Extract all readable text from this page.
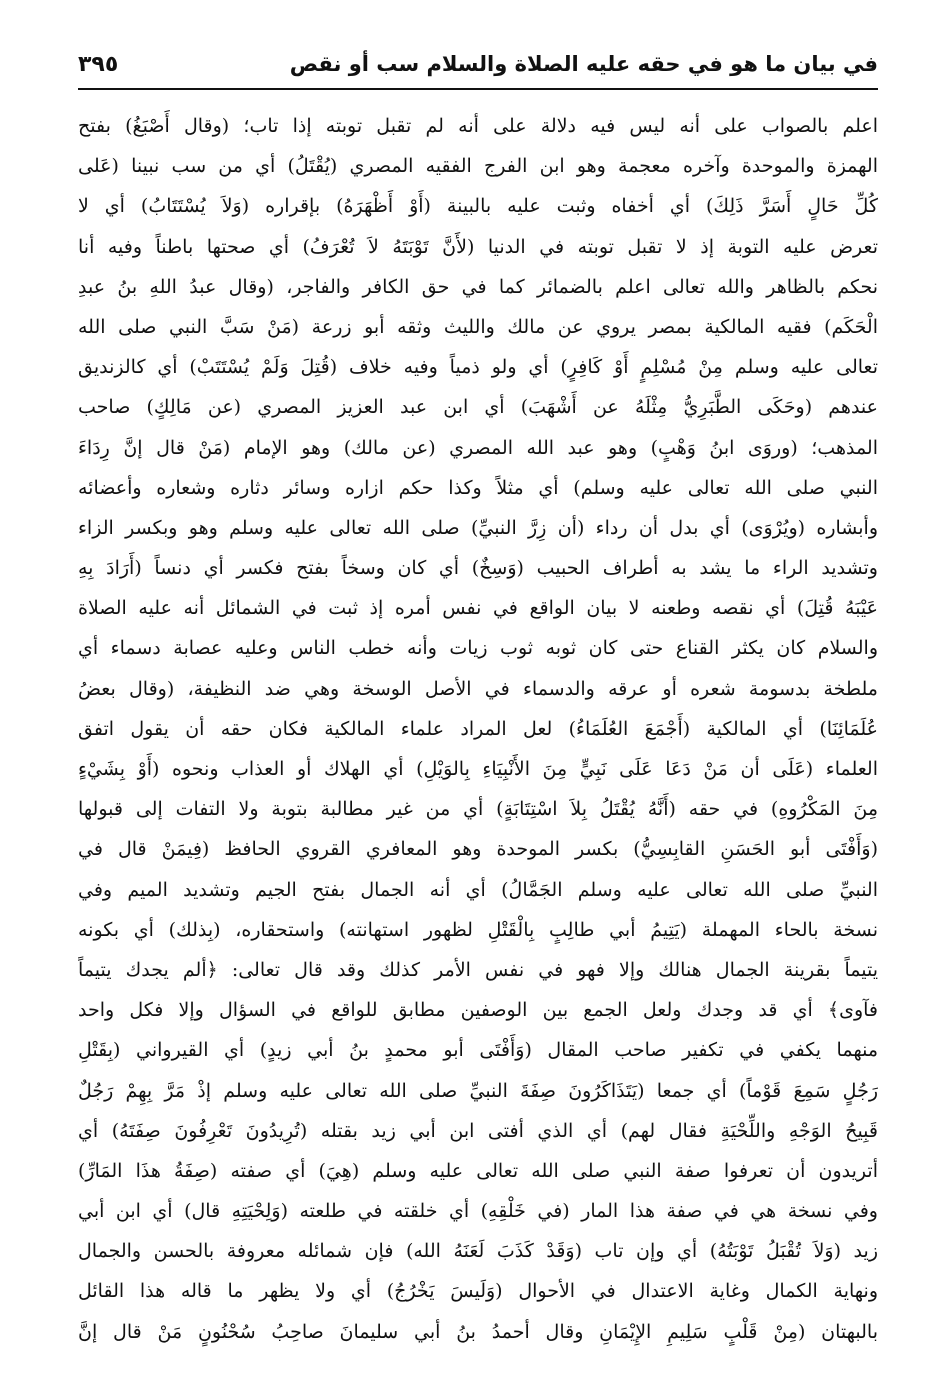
في بيان ما هو في حقه عليه الصلاة والسلام سب أو نقص
٣٩٥
اعلم بالصواب على أنه ليس فيه دلالة على أنه لم تقبل توبته إذا تاب؛ (وقال أَصْبَغُ) بفتح
الهمزة والموحدة وآخره معجمة وهو ابن الفرج الفقيه المصري (يُقْتَلُ) أي من سب نبينا (عَلى
كُلِّ حَالٍ أَسَرَّ ذَلِكَ) أي أخفاه وثبت عليه بالبينة (أَوْ أَظْهَرَهُ) بإقراره (وَلاَ يُسْتَتَابُ) أي لا
تعرض عليه التوبة إذ لا تقبل توبته في الدنيا (لأَنَّ تَوْبَتَهُ لاَ تُعْرَفُ) أي صحتها باطناً وفيه أنا
نحكم بالظاهر والله تعالى اعلم بالضمائر كما في حق الكافر والفاجر، (وقال عبدُ اللهِ بنُ عبدِ
الْحَكَم) فقيه المالكية بمصر يروي عن مالك والليث وثقه أبو زرعة (مَنْ سَبَّ النبي صلى الله
تعالى عليه وسلم مِنْ مُسْلِمٍ أَوْ كَافِرٍ) أي ولو ذمياً وفيه خلاف (قُتِلَ وَلَمْ يُسْتَتَبْ) أي كالزنديق
عندهم (وحَكَى الطَّبَرِيُّ مِثْلَهُ عن أَشْهَبَ) أي ابن عبد العزيز المصري (عن مَالِكٍ) صاحب
المذهب؛ (وروَى ابنُ وَهْبٍ) وهو عبد الله المصري (عن مالك) وهو الإمام (مَنْ قال إنَّ رِدَاءَ
النبي صلى الله تعالى عليه وسلم) أي مثلاً وكذا حكم ازاره وسائر دثاره وشعاره وأعضائه
وأبشاره (ويُرْوَى) أي بدل أن رداء (أن زِرَّ النبيِّ) صلى الله تعالى عليه وسلم وهو وبكسر الزاء
وتشديد الراء ما يشد به أطراف الحبيب (وَسِخٌ) أي كان وسخاً بفتح فكسر أي دنساً (أَرَادَ بِهِ
عَيْبَهُ قُتِلَ) أي نقصه وطعنه لا بيان الواقع في نفس أمره إذ ثبت في الشمائل أنه عليه الصلاة
والسلام كان يكثر القناع حتى كان ثوبه ثوب زيات وأنه خطب الناس وعليه عصابة دسماء أي
ملطخة بدسومة شعره أو عرقه والدسماء في الأصل الوسخة وهي ضد النظيفة، (وقال بعضُ
عُلَمَائِنَا) أي المالكية (أَجْمَعَ العُلَمَاءُ) لعل المراد علماء المالكية فكان حقه أن يقول اتفق
العلماء (عَلَى أن مَنْ دَعَا عَلَى نَبِيٍّ مِنَ الأَنْبِيَاءِ بِالوَيْلِ) أي الهلاك أو العذاب ونحوه (أَوْ بِشَيْءٍ
مِنَ المَكْرُوهِ) في حقه (أَنَّهُ يُقْتَلُ بِلاَ اسْتِتَابَةٍ) أي من غير مطالبة بتوبة ولا التفات إلى قبولها
(وَأَفْتَى أبو الحَسَنِ القابِسِيُّ) بكسر الموحدة وهو المعافري القروي الحافظ (فِيمَنْ قال في
النبيِّ صلى الله تعالى عليه وسلم الجَمَّالُ) أي أنه الجمال بفتح الجيم وتشديد الميم وفي
نسخة بالحاء المهملة (يَتِيمُ أبي طالِبٍ بِالْقَتْلِ لظهور استهانته) واستحقاره، (بِذلك) أي بكونه
يتيماً بقرينة الجمال هنالك وإلا فهو في نفس الأمر كذلك وقد قال تعالى: ﴿ألم يجدك يتيماً
فآوى﴾ أي قد وجدك ولعل الجمع بين الوصفين مطابق للواقع في السؤال وإلا فكل واحد
منهما يكفي في تكفير صاحب المقال (وَأَفْتَى أبو محمدٍ بنُ أبي زيدٍ) أي القيرواني (بِقَتْلِ
رَجُلٍ سَمِعَ قَوْماً) أي جمعا (يَتَذَاكَرُونَ صِفَةَ النبيِّ صلى الله تعالى عليه وسلم إذْ مَرَّ بِهِمْ رَجُلٌ
قَبِيحُ الوَجْهِ واللِّحْيَةِ فقال لهم) أي الذي أفتى ابن أبي زيد بقتله (تُرِيدُونَ تَعْرِفُونَ صِفَتَهُ) أي
أتريدون أن تعرفوا صفة النبي صلى الله تعالى عليه وسلم (هِيَ) أي صفته (صِفَةُ هذَا المَارِّ)
وفي نسخة هي في صفة هذا المار (في خَلْقِهِ) أي خلقته في طلعته (وَلِحْيَتِهِ قال) أي ابن أبي
زيد (وَلاَ تُقْبَلُ تَوْبَتُهُ) أي وإن تاب (وَقَدْ كَذَبَ لَعَنَهُ الله) فإن شمائله معروفة بالحسن والجمال
ونهاية الكمال وغاية الاعتدال في الأحوال (وَلَيسَ يَخْرُجُ) أي ولا يظهر ما قاله هذا القائل
بالبهتان (مِنْ قَلْبٍ سَلِيمِ الإِيْمَانِ وقال أحمدُ بنُ أبي سليمانَ صاحِبُ سُحْنُونٍ مَنْ قال إنَّ
